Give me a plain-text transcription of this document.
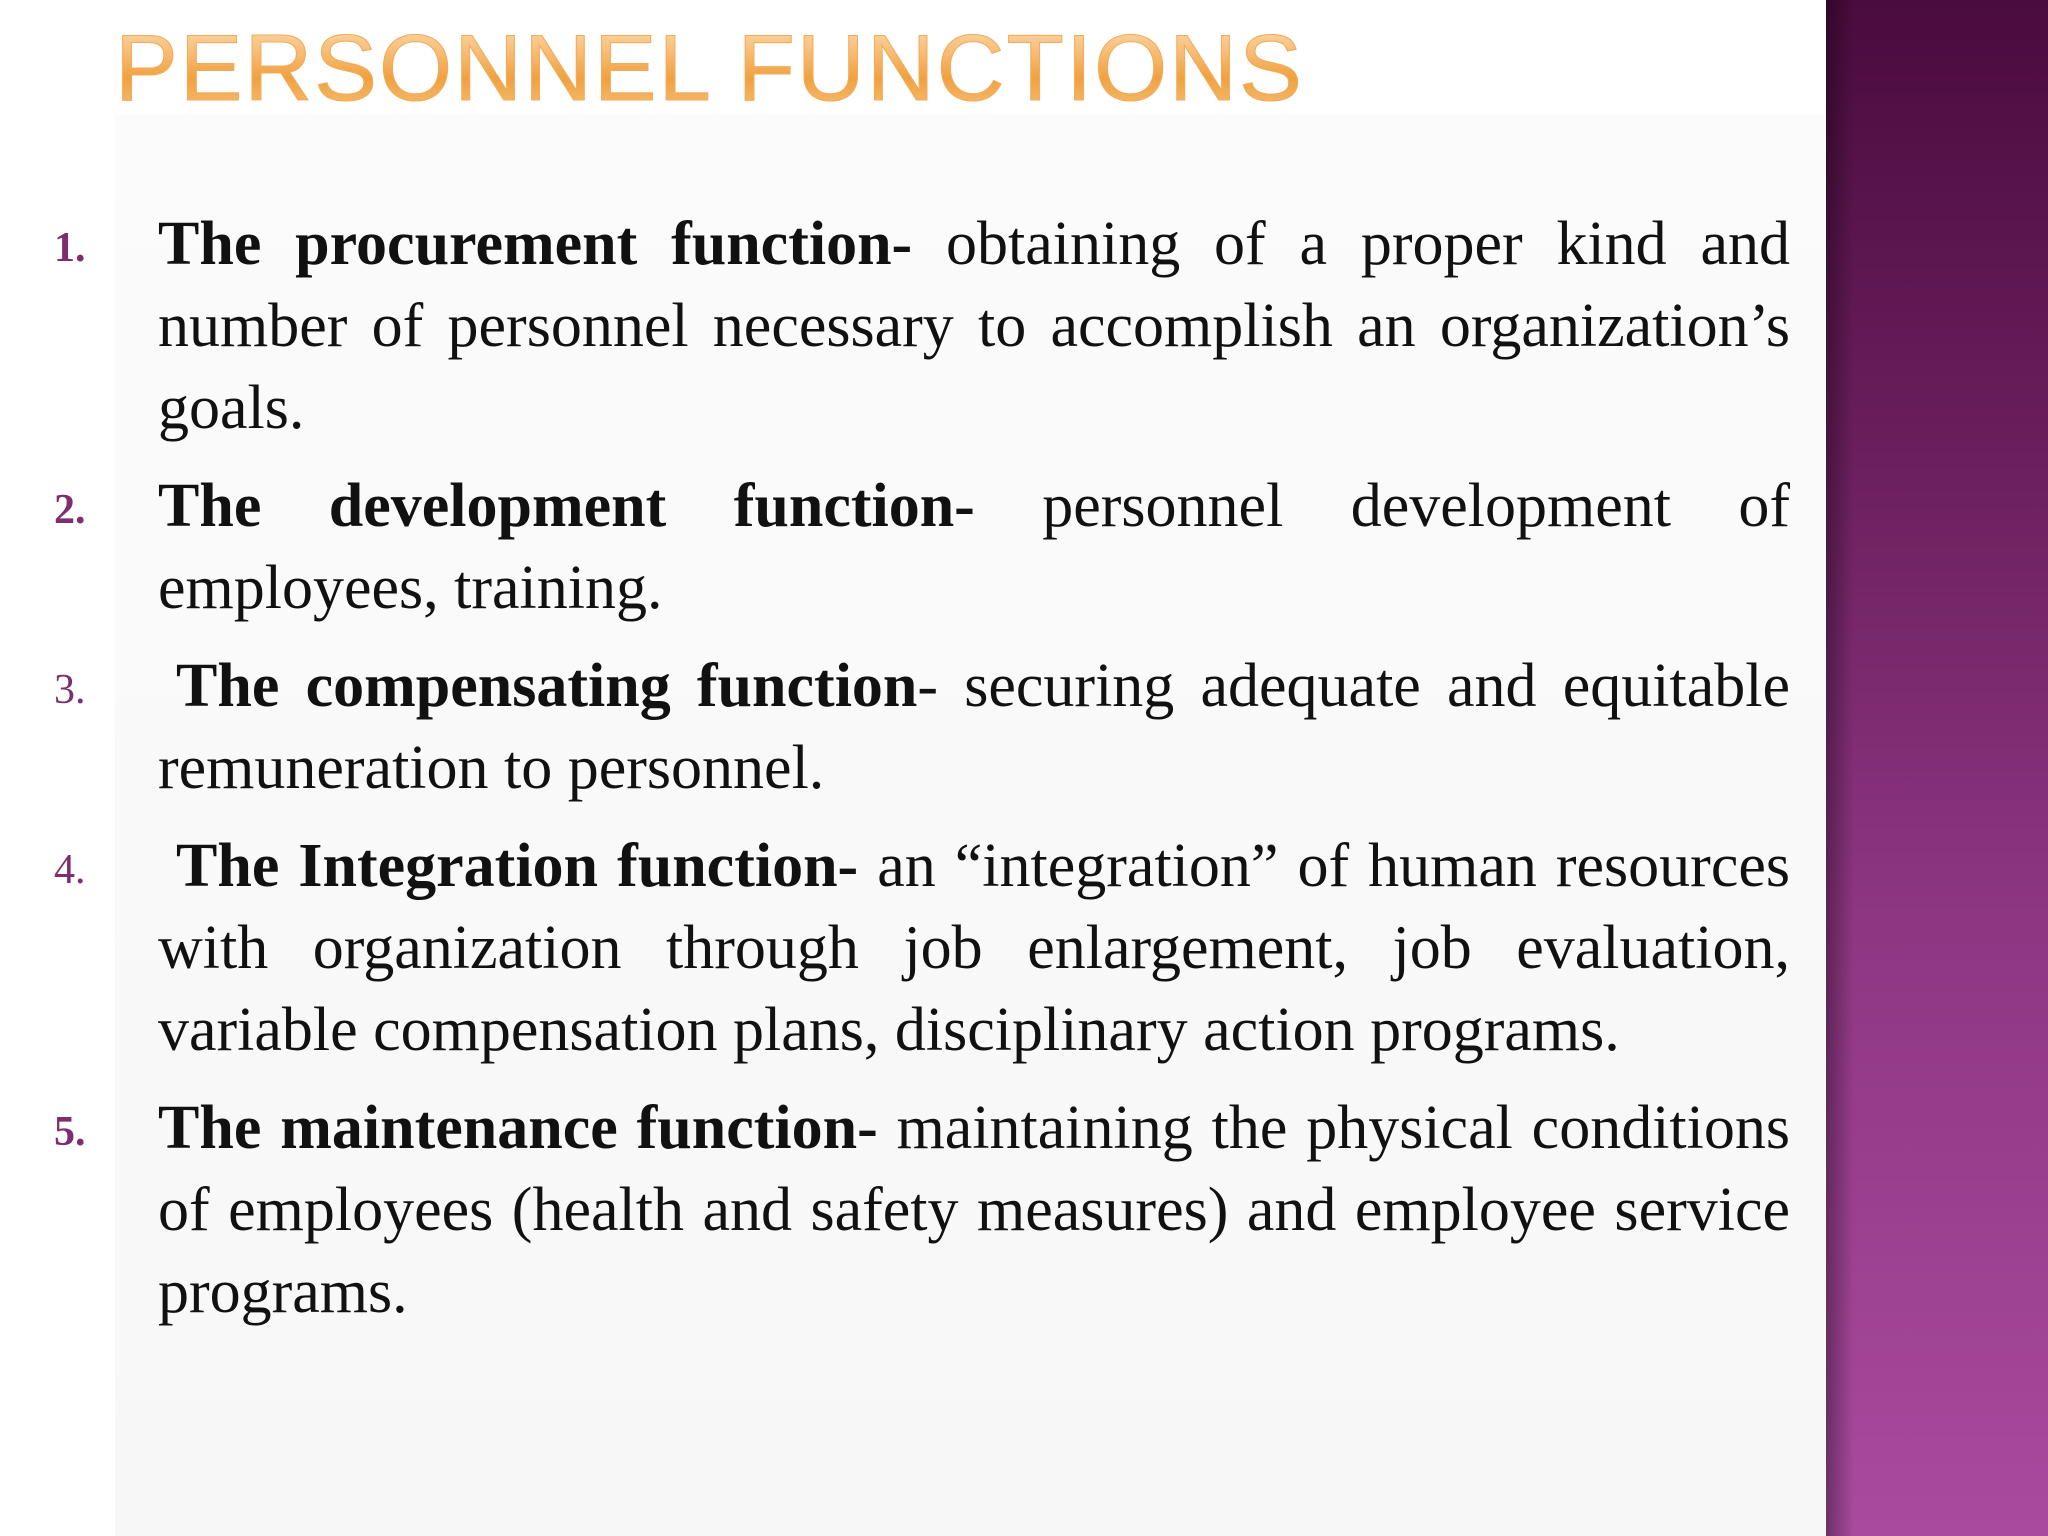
PERSONNEL FUNCTIONS
1. The procurement function- obtaining of a proper kind and number of personnel necessary to accomplish an organization’s goals.
2. The development function- personnel development of employees, training.
3. The compensating function- securing adequate and equitable remuneration to personnel.
4. The Integration function- an “integration” of human resources with organization through job enlargement, job evaluation, variable compensation plans, disciplinary action programs.
5. The maintenance function- maintaining the physical conditions of employees (health and safety measures) and employee service programs.
